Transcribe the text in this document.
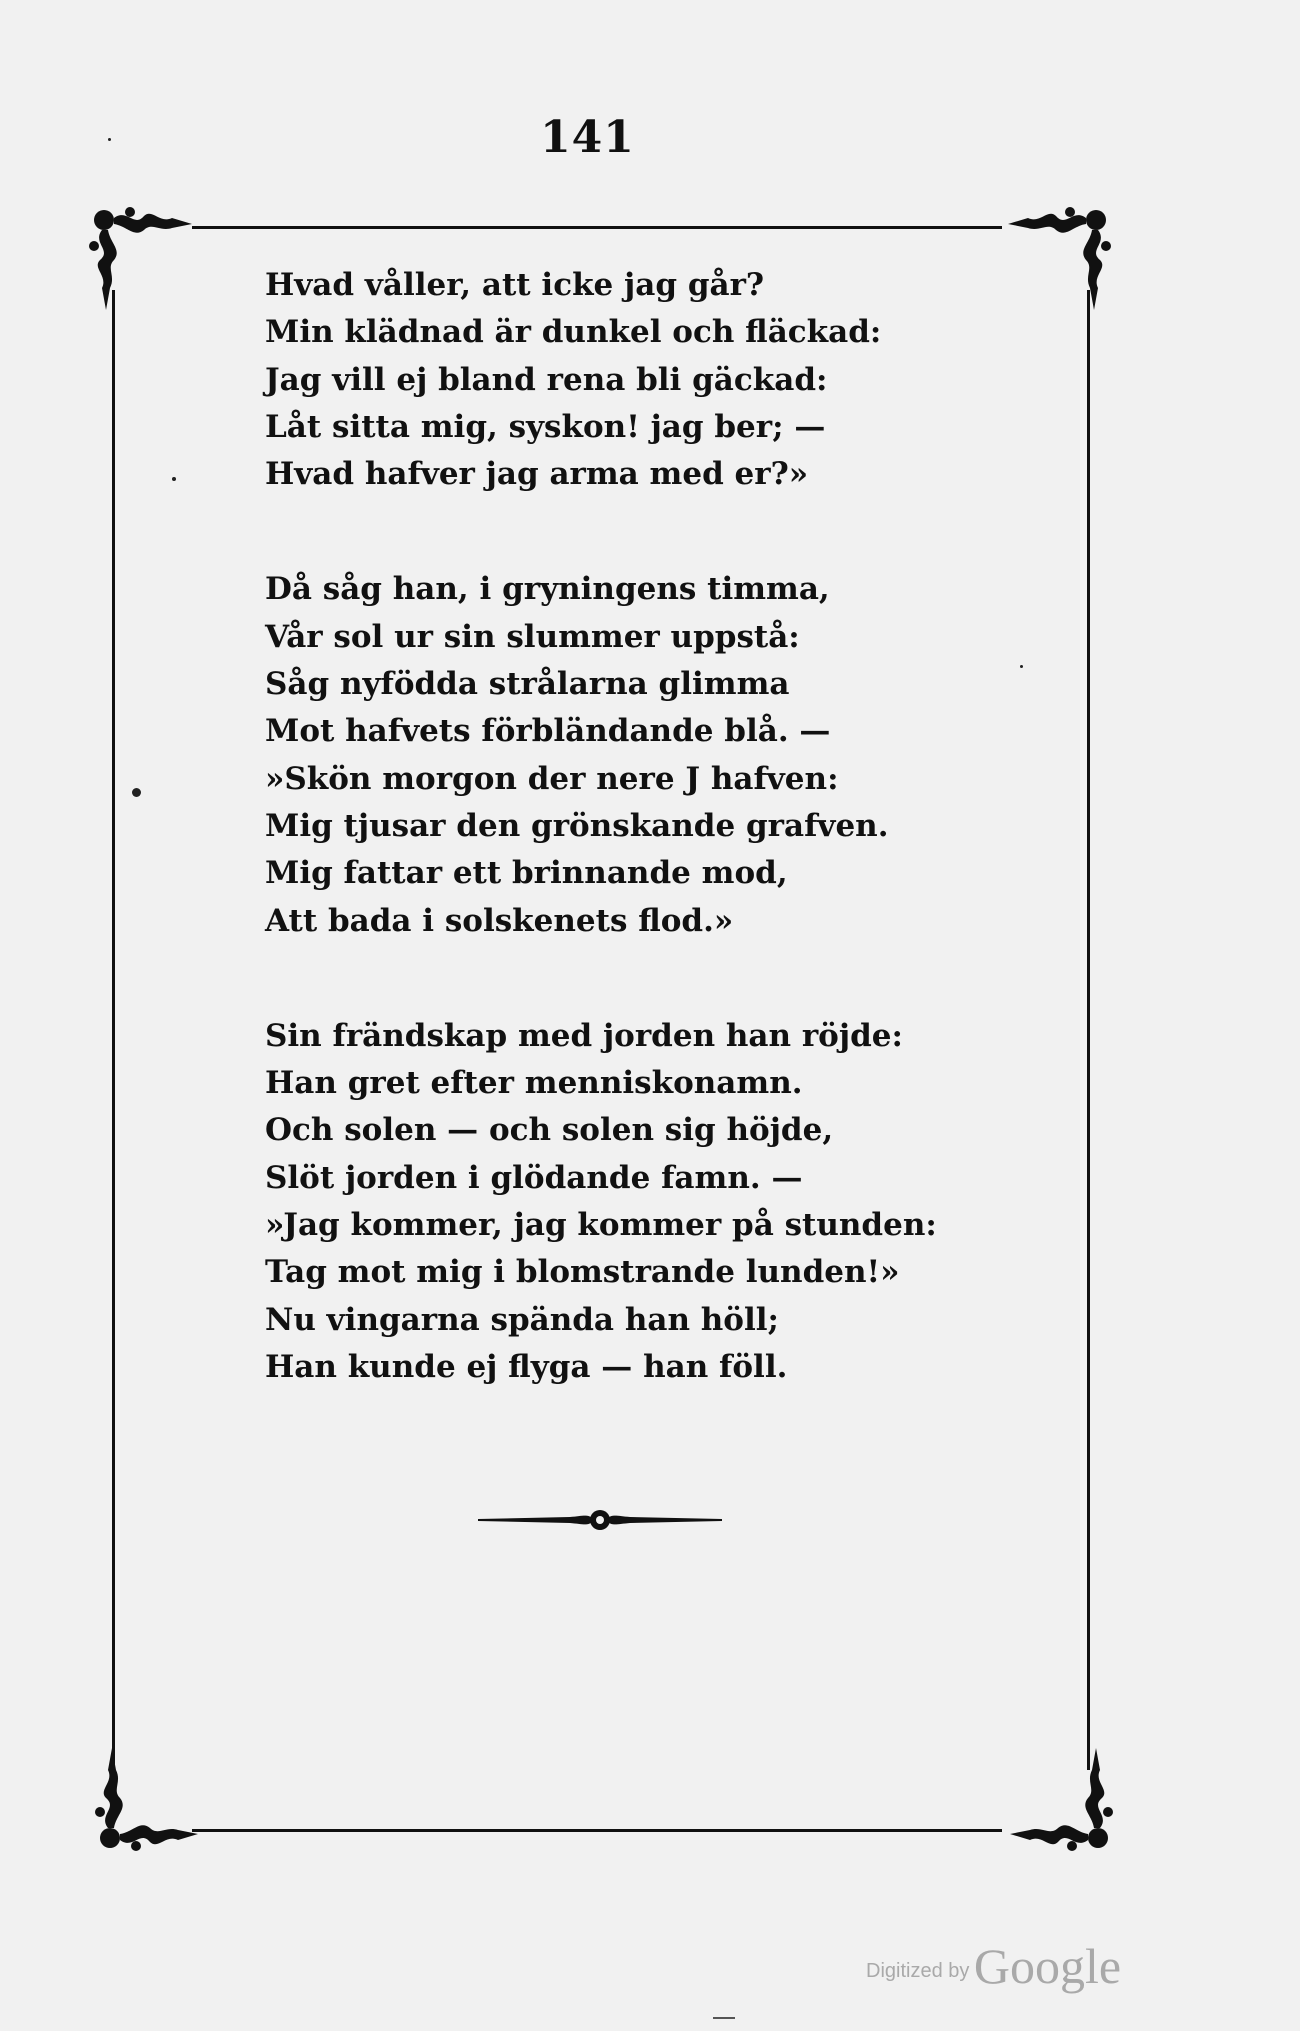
141
Hvad våller, att icke jag går?
Min klädnad är dunkel och fläckad:
Jag vill ej bland rena bli gäckad:
Låt sitta mig, syskon! jag ber; —
Hvad hafver jag arma med er?»
Då såg han, i gryningens timma,
Vår sol ur sin slummer uppstå:
Såg nyfödda strålarna glimma
Mot hafvets förbländande blå. —
»Skön morgon der nere J hafven:
Mig tjusar den grönskande grafven.
Mig fattar ett brinnande mod,
Att bada i solskenets flod.»
Sin frändskap med jorden han röjde:
Han gret efter menniskonamn.
Och solen — och solen sig höjde,
Slöt jorden i glödande famn. —
»Jag kommer, jag kommer på stunden:
Tag mot mig i blomstrande lunden!»
Nu vingarna spända han höll;
Han kunde ej flyga — han föll.
Digitized by Google
